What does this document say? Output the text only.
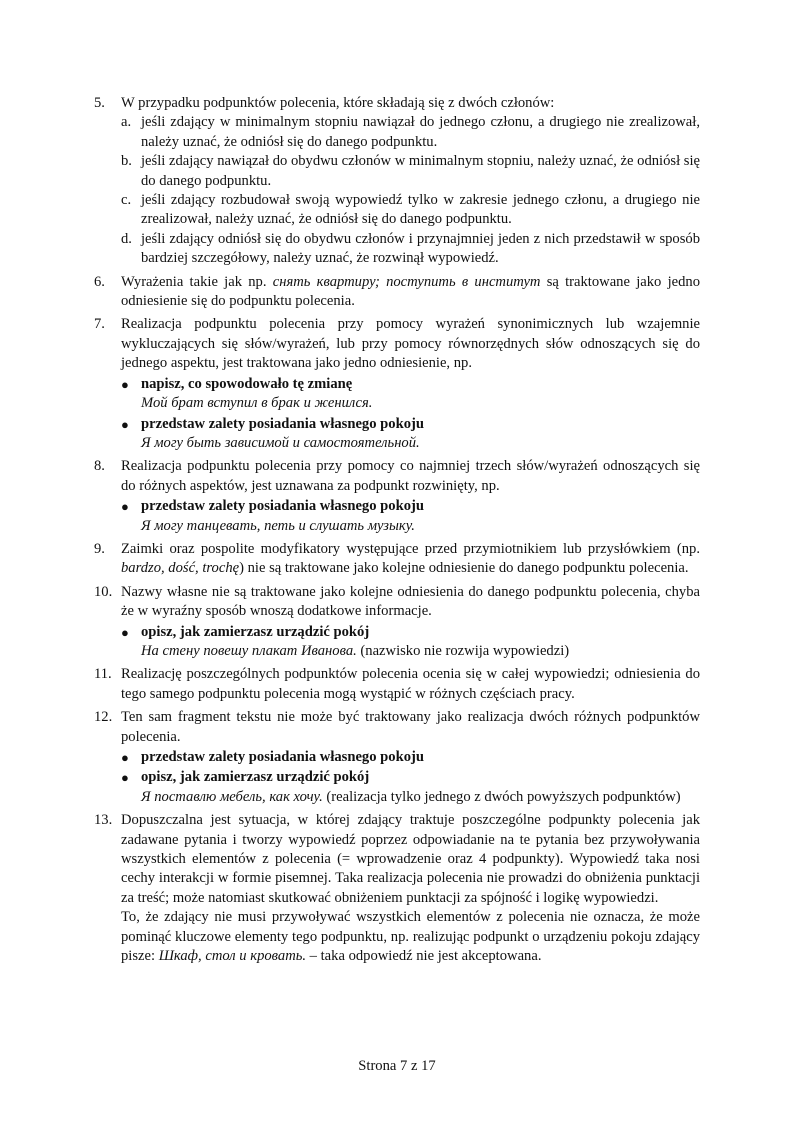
5.	W przypadku podpunktów polecenia, które składają się z dwóch członów:
a. jeśli zdający w minimalnym stopniu nawiązał do jednego członu, a drugiego nie zrealizował, należy uznać, że odniósł się do danego podpunktu.
b. jeśli zdający nawiązał do obydwu członów w minimalnym stopniu, należy uznać, że odniósł się do danego podpunktu.
c. jeśli zdający rozbudował swoją wypowiedź tylko w zakresie jednego członu, a drugiego nie zrealizował, należy uznać, że odniósł się do danego podpunktu.
d. jeśli zdający odniósł się do obydwu członów i przynajmniej jeden z nich przedstawił w sposób bardziej szczegółowy, należy uznać, że rozwinął wypowiedź.
6.	Wyrażenia takie jak np. снять квартиру; поступить в институт są traktowane jako jedno odniesienie się do podpunktu polecenia.
7.	Realizacja podpunktu polecenia przy pomocy wyrażeń synonimicznych lub wzajemnie wykluczających się słów/wyrażeń, lub przy pomocy równorzędnych słów odnoszących się do jednego aspektu, jest traktowana jako jedno odniesienie, np.
● napisz, co spowodowało tę zmianę
Мой брат вступил в брак и женился.
● przedstaw zalety posiadania własnego pokoju
Я могу быть зависимой и самостоятельной.
8.	Realizacja podpunktu polecenia przy pomocy co najmniej trzech słów/wyrażeń odnoszących się do różnych aspektów, jest uznawana za podpunkt rozwinięty, np.
● przedstaw zalety posiadania własnego pokoju
Я могу танцевать, петь и слушать музыку.
9.	Zaimki oraz pospolite modyfikatory występujące przed przymiotnikiem lub przysłówkiem (np. bardzo, dość, trochę) nie są traktowane jako kolejne odniesienie do danego podpunktu polecenia.
10. Nazwy własne nie są traktowane jako kolejne odniesienia do danego podpunktu polecenia, chyba że w wyraźny sposób wnoszą dodatkowe informacje.
● opisz, jak zamierzasz urządzić pokój
На стену повешу плакат Иванова. (nazwisko nie rozwija wypowiedzi)
11. Realizację poszczególnych podpunktów polecenia ocenia się w całej wypowiedzi; odniesienia do tego samego podpunktu polecenia mogą wystąpić w różnych częściach pracy.
12. Ten sam fragment tekstu nie może być traktowany jako realizacja dwóch różnych podpunktów polecenia.
● przedstaw zalety posiadania własnego pokoju
● opisz, jak zamierzasz urządzić pokój
Я поставлю мебель, как хочу. (realizacja tylko jednego z dwóch powyższych podpunktów)
13. Dopuszczalna jest sytuacja, w której zdający traktuje poszczególne podpunkty polecenia jak zadawane pytania i tworzy wypowiedź poprzez odpowiadanie na te pytania bez przywoływania wszystkich elementów z polecenia (= wprowadzenie oraz 4 podpunkty). Wypowiedź taka nosi cechy interakcji w formie pisemnej. Taka realizacja polecenia nie prowadzi do obniżenia punktacji za treść; może natomiast skutkować obniżeniem punktacji za spójność i logikę wypowiedzi.
To, że zdający nie musi przywoływać wszystkich elementów z polecenia nie oznacza, że może pominąć kluczowe elementy tego podpunktu, np. realizując podpunkt o urządzeniu pokoju zdający pisze: Шкаф, стол и кровать. – taka odpowiedź nie jest akceptowana.
Strona 7 z 17
